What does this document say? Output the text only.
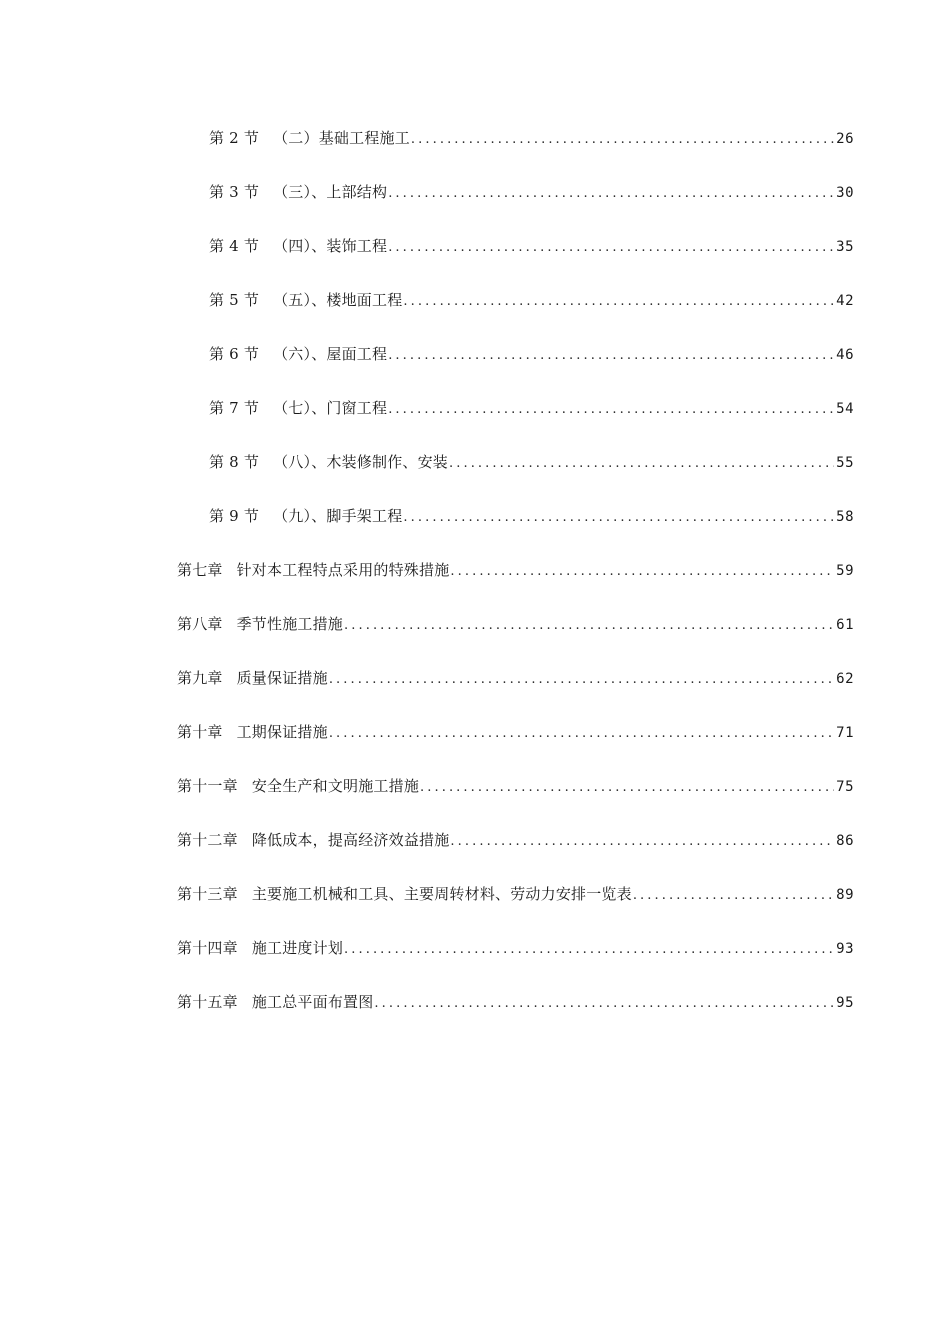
第 2 节 （二）基础工程施工 .....	26
第 3 节 （三）、上部结构 .....	30
第 4 节 （四）、装饰工程 .....	35
第 5 节 （五）、楼地面工程 .....	42
第 6 节 （六）、屋面工程 .....	46
第 7 节 （七）、门窗工程 .....	54
第 8 节 （八）、木装修制作、安装 .....	55
第 9 节 （九）、脚手架工程 .....	58
第七章 针对本工程特点采用的特殊措施 .....	59
第八章 季节性施工措施 .....	61
第九章 质量保证措施 .....	62
第十章 工期保证措施 .....	71
第十一章 安全生产和文明施工措施 .....	75
第十二章 降低成本，提高经济效益措施 .....	86
第十三章 主要施工机械和工具、主要周转材料、劳动力安排一览表 .....	89
第十四章 施工进度计划 .....	93
第十五章 施工总平面布置图 .....	95
